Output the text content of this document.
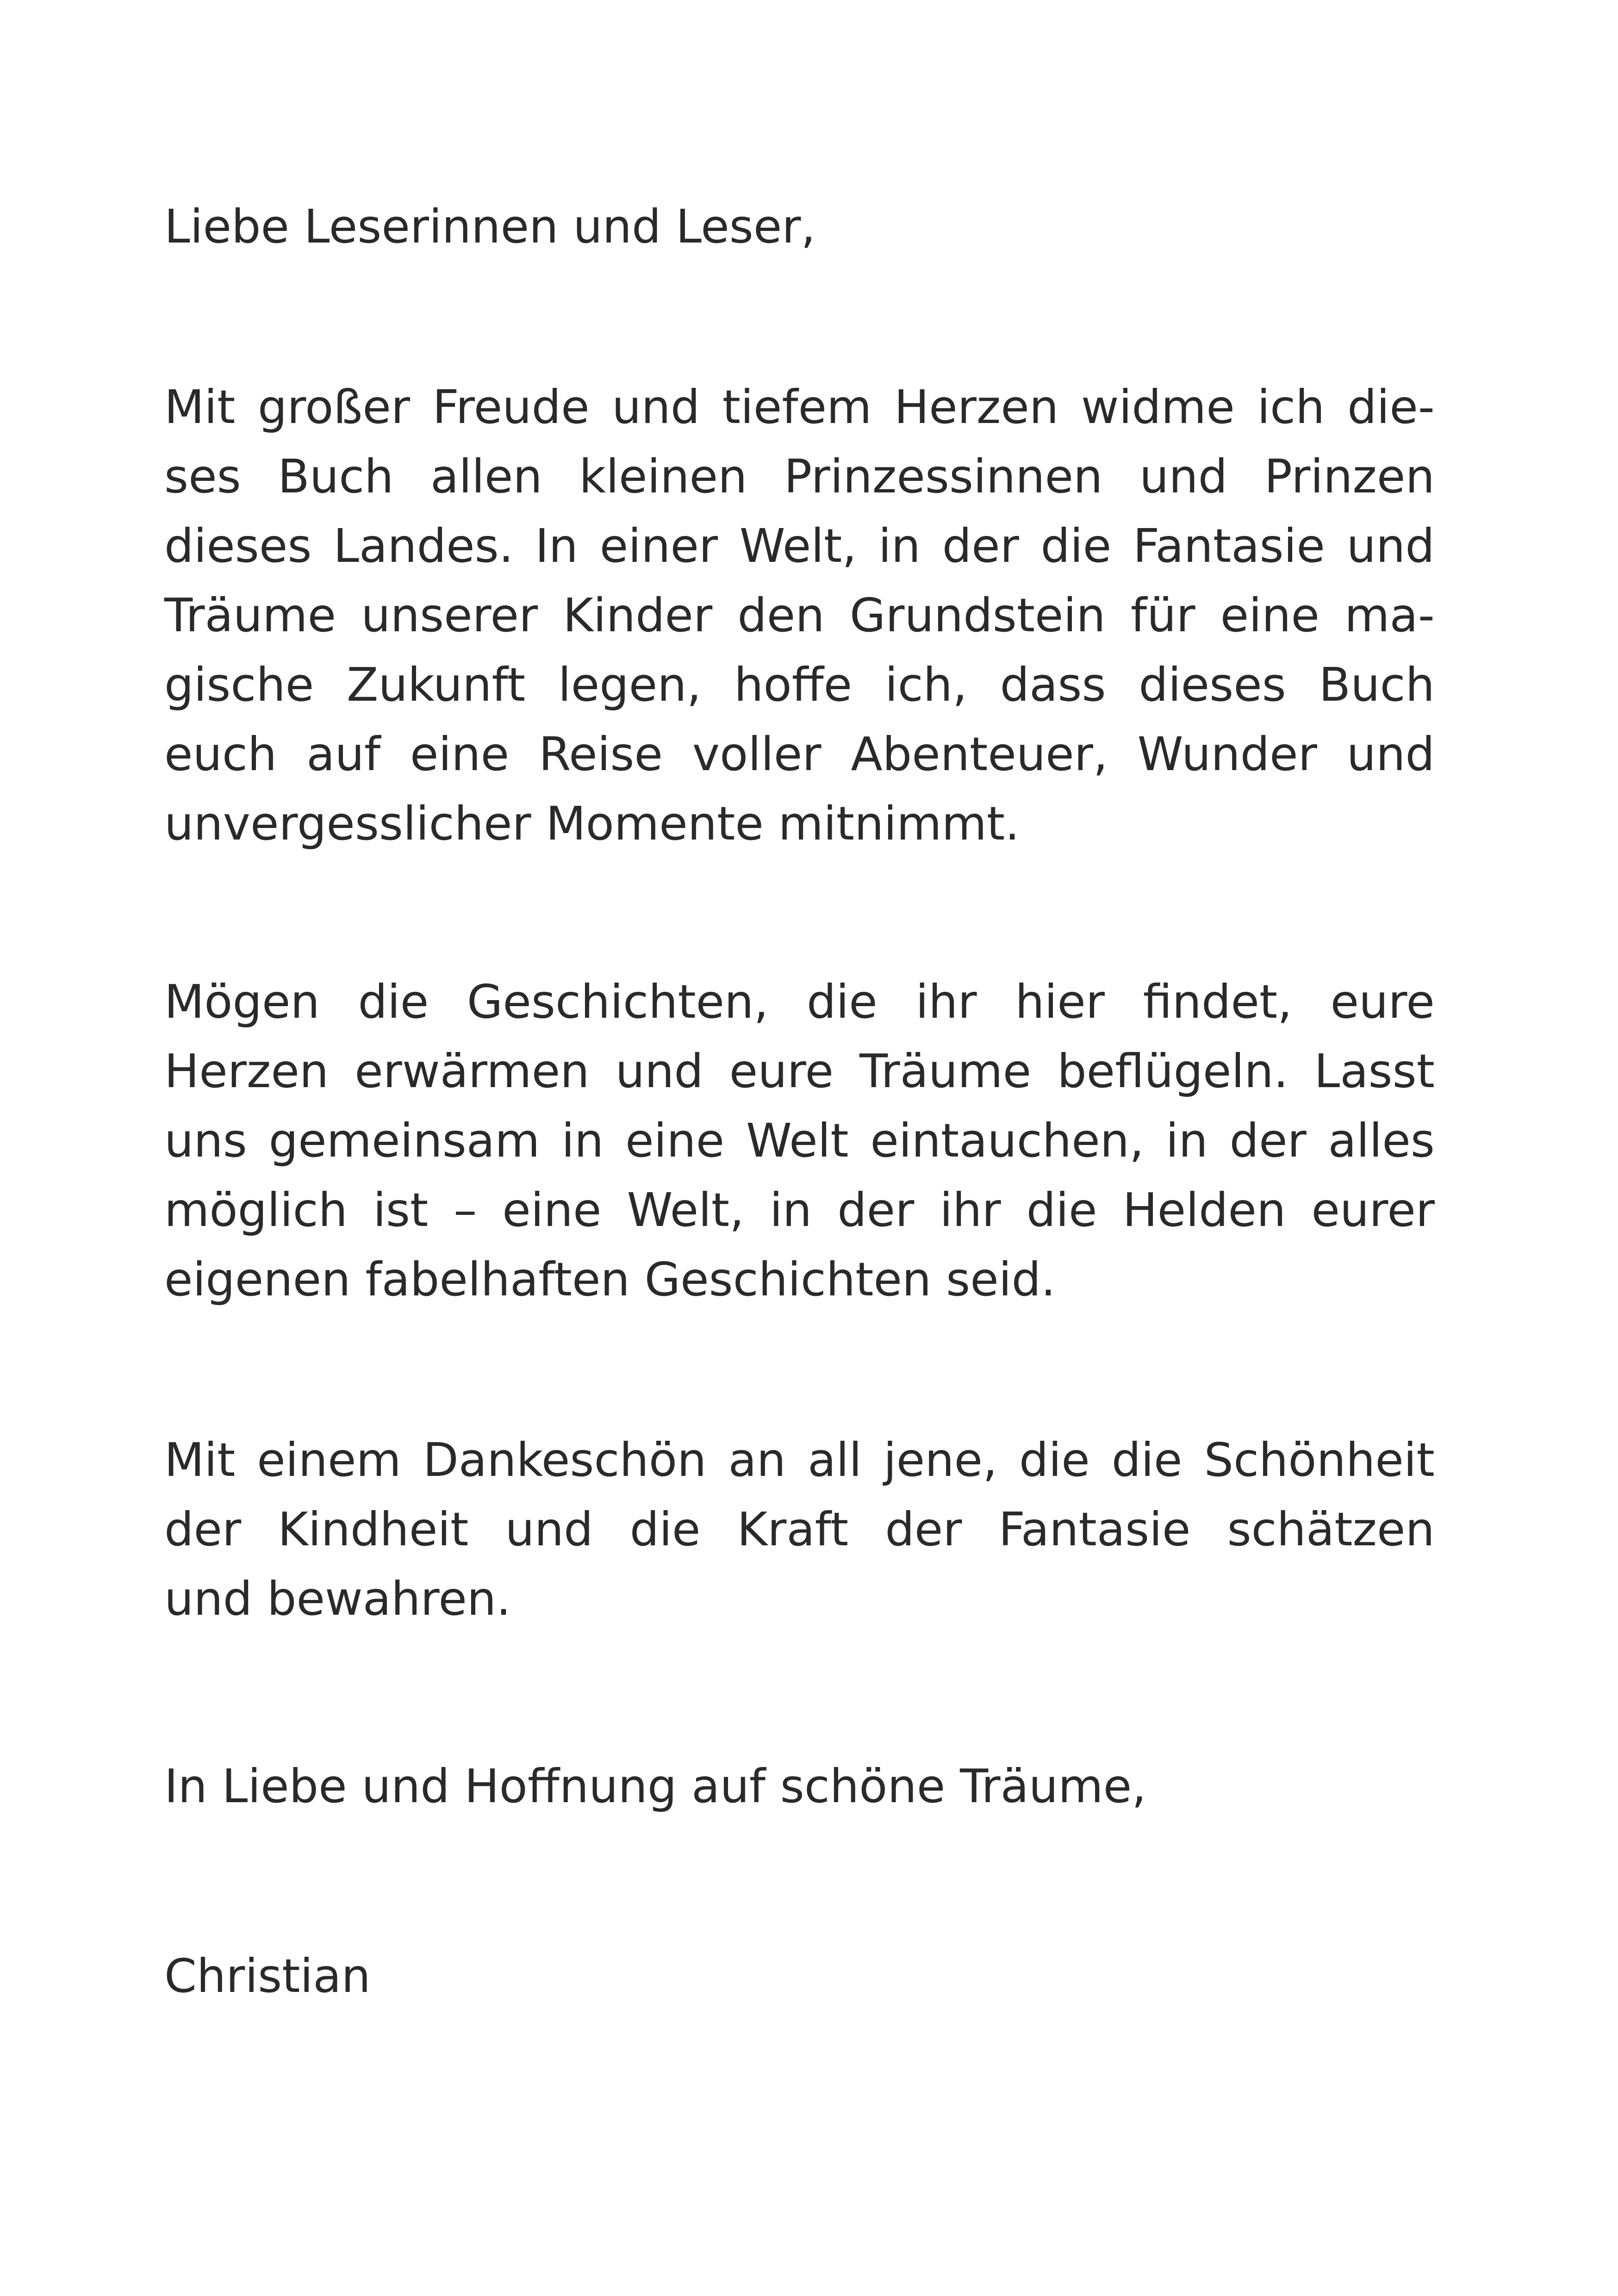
Liebe Leserinnen und Leser,
Mit großer Freude und tiefem Herzen widme ich die-
ses Buch allen kleinen Prinzessinnen und Prinzen
dieses Landes. In einer Welt, in der die Fantasie und
Träume unserer Kinder den Grundstein für eine ma-
gische Zukunft legen, hoffe ich, dass dieses Buch
euch auf eine Reise voller Abenteuer, Wunder und
unvergesslicher Momente mitnimmt.
Mögen die Geschichten, die ihr hier findet, eure
Herzen erwärmen und eure Träume beflügeln. Lasst
uns gemeinsam in eine Welt eintauchen, in der alles
möglich ist – eine Welt, in der ihr die Helden eurer
eigenen fabelhaften Geschichten seid.
Mit einem Dankeschön an all jene, die die Schönheit
der Kindheit und die Kraft der Fantasie schätzen
und bewahren.
In Liebe und Hoffnung auf schöne Träume,
Christian
